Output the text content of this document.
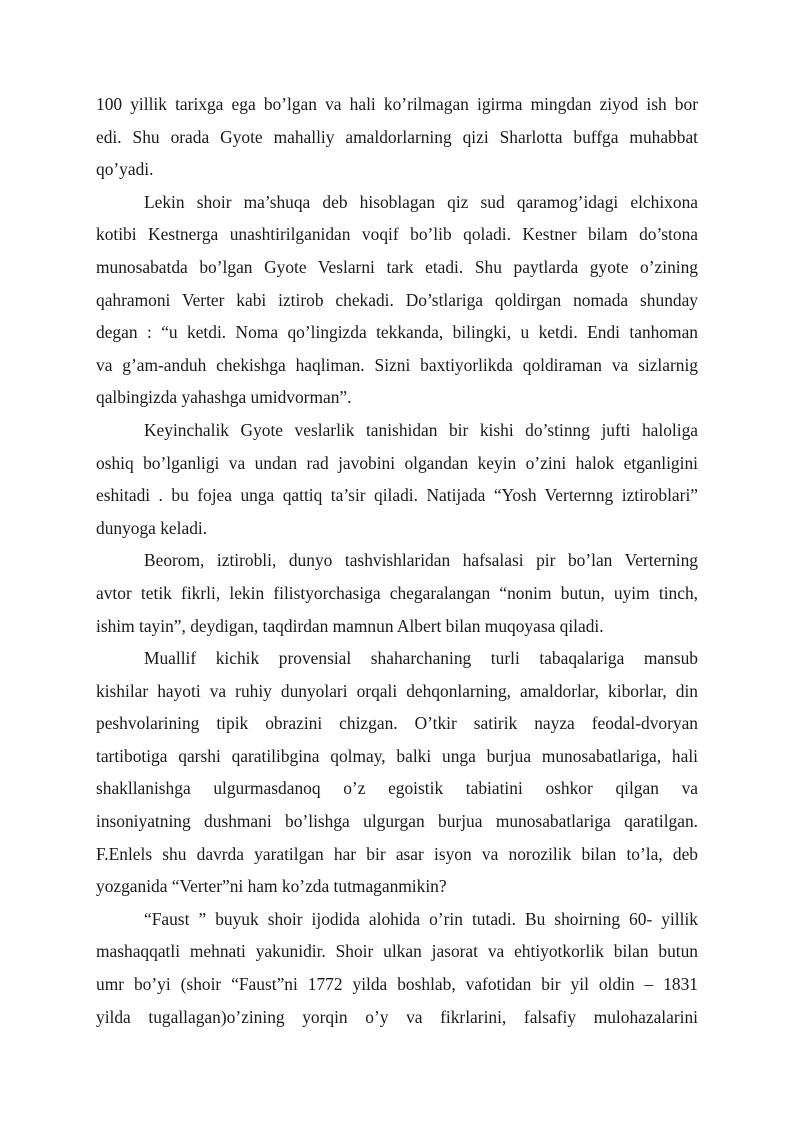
100 yillik tarixga ega bo’lgan va hali ko’rilmagan igirma mingdan ziyod ish bor
edi. Shu orada Gyote mahalliy amaldorlarning qizi Sharlotta buffga muhabbat
qo’yadi.
Lekin shoir ma’shuqa deb hisoblagan qiz sud qaramog’idagi elchixona
kotibi Kestnerga unashtirilganidan voqif bo’lib qoladi. Kestner bilam do’stona
munosabatda bo’lgan Gyote Veslarni tark etadi. Shu paytlarda gyote o’zining
qahramoni Verter kabi iztirob chekadi. Do’stlariga qoldirgan nomada shunday
degan : “u ketdi. Noma qo’lingizda tekkanda, bilingki, u ketdi. Endi tanhoman
va g’am-anduh chekishga haqliman. Sizni baxtiyorlikda qoldiraman va sizlarnig
qalbingizda yahashga umidvorman”.
Keyinchalik Gyote veslarlik tanishidan bir kishi do’stinng jufti haloliga
oshiq bo’lganligi va undan rad javobini olgandan keyin o’zini halok etganligini
eshitadi . bu fojea unga qattiq ta’sir qiladi. Natijada “Yosh Verternng iztiroblari”
dunyoga keladi.
Beorom, iztirobli, dunyo tashvishlaridan hafsalasi pir bo’lan Verterning
avtor tetik fikrli, lekin filistyorchasiga chegaralangan “nonim butun, uyim tinch,
ishim tayin”, deydigan, taqdirdan mamnun Albert bilan muqoyasa qiladi.
Muallif kichik provensial shaharchaning turli tabaqalariga mansub
kishilar hayoti va ruhiy dunyolari orqali dehqonlarning, amaldorlar, kiborlar, din
peshvolarining tipik obrazini chizgan. O’tkir satirik nayza feodal-dvoryan
tartibotiga qarshi qaratilibgina qolmay, balki unga burjua munosabatlariga, hali
shakllanishga ulgurmasdanoq o’z egoistik tabiatini oshkor qilgan va
insoniyatning dushmani bo’lishga ulgurgan burjua munosabatlariga qaratilgan.
F.Enlels shu davrda yaratilgan har bir asar isyon va norozilik bilan to’la, deb
yozganida “Verter”ni ham ko’zda tutmaganmikin?
“Faust ” buyuk shoir ijodida alohida o’rin tutadi. Bu shoirning 60- yillik
mashaqqatli mehnati yakunidir. Shoir ulkan jasorat va ehtiyotkorlik bilan butun
umr bo’yi (shoir “Faust”ni 1772 yilda boshlab, vafotidan bir yil oldin – 1831
yilda tugallagan)o’zining yorqin o’y va fikrlarini, falsafiy mulohazalarini
